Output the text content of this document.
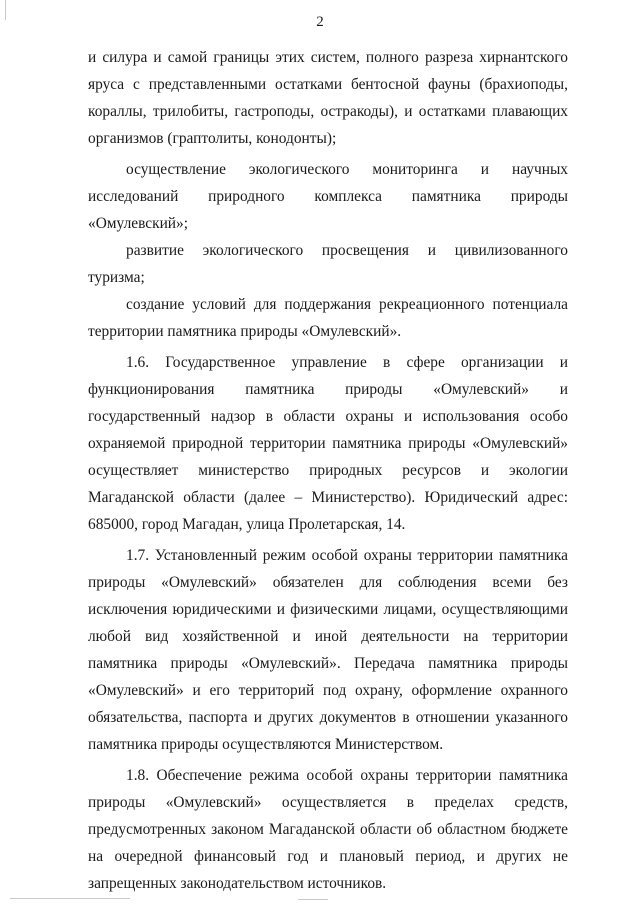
2

и силура и самой границы этих систем, полного разреза хирнантского яруса с представленными остатками бентосной фауны (брахиоподы, кораллы, трилобиты, гастроподы, остракоды), и остатками плавающих организмов (граптолиты, конодонты);

осуществление экологического мониторинга и научных исследований природного комплекса памятника природы «Омулевский»;

развитие экологического просвещения и цивилизованного туризма;

создание условий для поддержания рекреационного потенциала территории памятника природы «Омулевский».

1.6. Государственное управление в сфере организации и функционирования памятника природы «Омулевский» и государственный надзор в области охраны и использования особо охраняемой природной территории памятника природы «Омулевский» осуществляет министерство природных ресурсов и экологии Магаданской области (далее – Министерство). Юридический адрес: 685000, город Магадан, улица Пролетарская, 14.

1.7. Установленный режим особой охраны территории памятника природы «Омулевский» обязателен для соблюдения всеми без исключения юридическими и физическими лицами, осуществляющими любой вид хозяйственной и иной деятельности на территории памятника природы «Омулевский». Передача памятника природы «Омулевский» и его территорий под охрану, оформление охранного обязательства, паспорта и других документов в отношении указанного памятника природы осуществляются Министерством.

1.8. Обеспечение режима особой охраны территории памятника природы «Омулевский» осуществляется в пределах средств, предусмотренных законом Магаданской области об областном бюджете на очередной финансовый год и плановый период, и других не запрещенных законодательством источников.
